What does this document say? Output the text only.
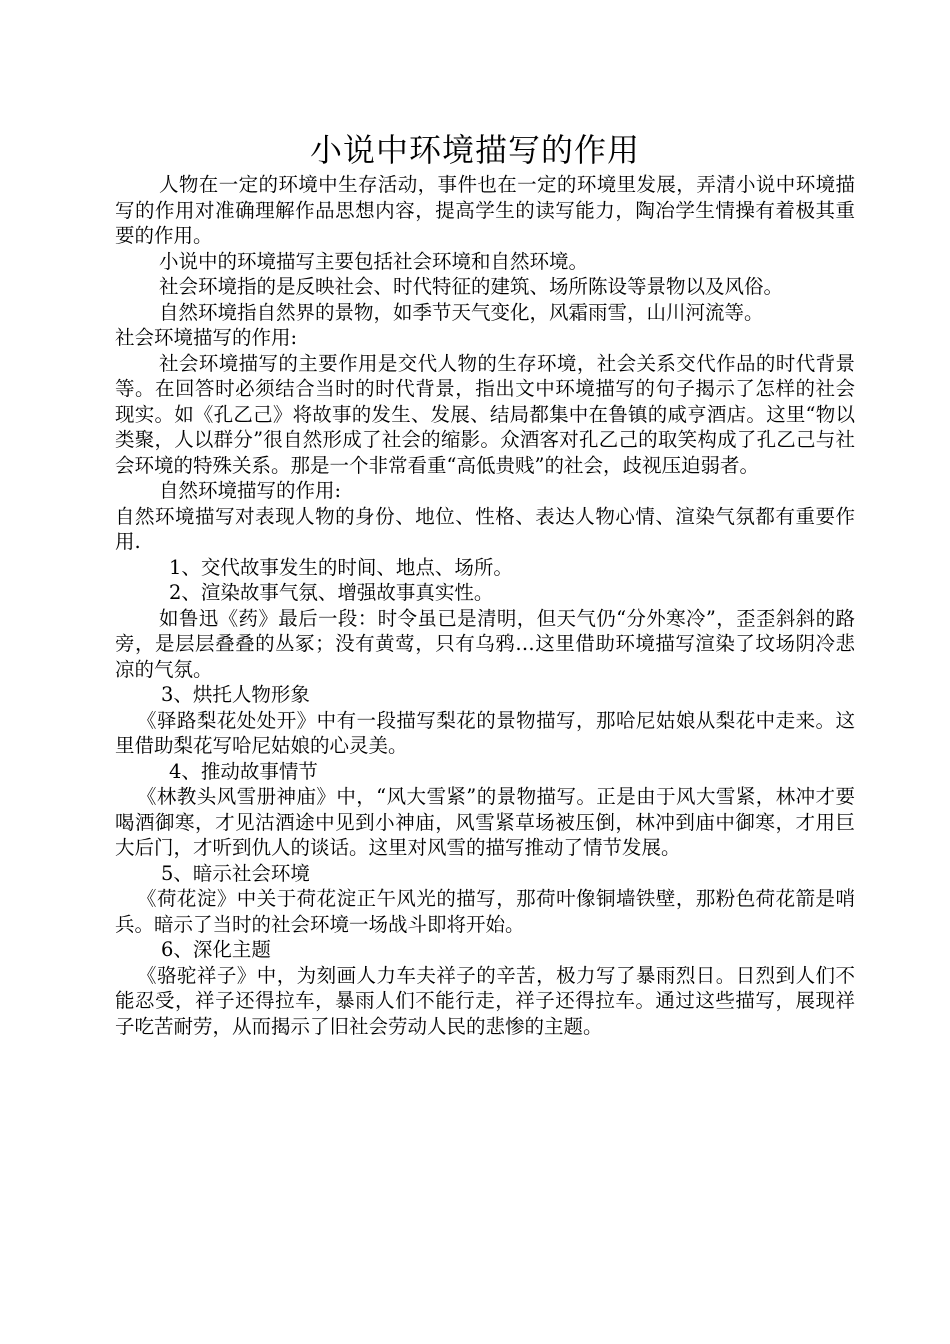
小说中环境描写的作用

人物在一定的环境中生存活动，事件也在一定的环境里发展，弄清小说中环境描写的作用对准确理解作品思想内容，提高学生的读写能力，陶冶学生情操有着极其重要的作用。

小说中的环境描写主要包括社会环境和自然环境。

社会环境指的是反映社会、时代特征的建筑、场所陈设等景物以及风俗。

自然环境指自然界的景物，如季节天气变化，风霜雨雪，山川河流等。

社会环境描写的作用:

社会环境描写的主要作用是交代人物的生存环境，社会关系交代作品的时代背景等。在回答时必须结合当时的时代背景，指出文中环境描写的句子揭示了怎样的社会现实。如《孔乙己》将故事的发生、发展、结局都集中在鲁镇的咸亨酒店。这里“物以类聚，人以群分”很自然形成了社会的缩影。众酒客对孔乙己的取笑构成了孔乙己与社会环境的特殊关系。那是一个非常看重“高低贵贱”的社会，歧视压迫弱者。

自然环境描写的作用:

自然环境描写对表现人物的身份、地位、性格、表达人物心情、渲染气氛都有重要作用.

1、交代故事发生的时间、地点、场所。

2、渲染故事气氛、增强故事真实性。

如鲁迅《药》最后一段：时令虽已是清明，但天气仍“分外寒冷”，歪歪斜斜的路旁，是层层叠叠的丛冢；没有黄莺，只有乌鸦…这里借助环境描写渲染了坟场阴冷悲凉的气氛。

3、烘托人物形象

《驿路梨花处处开》中有一段描写梨花的景物描写，那哈尼姑娘从梨花中走来。这里借助梨花写哈尼姑娘的心灵美。

4、推动故事情节

《林教头风雪册神庙》中，“风大雪紧”的景物描写。正是由于风大雪紧，林冲才要喝酒御寒，才见沽酒途中见到小神庙，风雪紧草场被压倒，林冲到庙中御寒，才用巨大后门，才听到仇人的谈话。这里对风雪的描写推动了情节发展。

5、暗示社会环境

《荷花淀》中关于荷花淀正午风光的描写，那荷叶像铜墙铁壁，那粉色荷花箭是哨兵。暗示了当时的社会环境一场战斗即将开始。

6、深化主题

《骆驼祥子》中，为刻画人力车夫祥子的辛苦，极力写了暴雨烈日。日烈到人们不能忍受，祥子还得拉车，暴雨人们不能行走，祥子还得拉车。通过这些描写，展现祥子吃苦耐劳，从而揭示了旧社会劳动人民的悲惨的主题。
